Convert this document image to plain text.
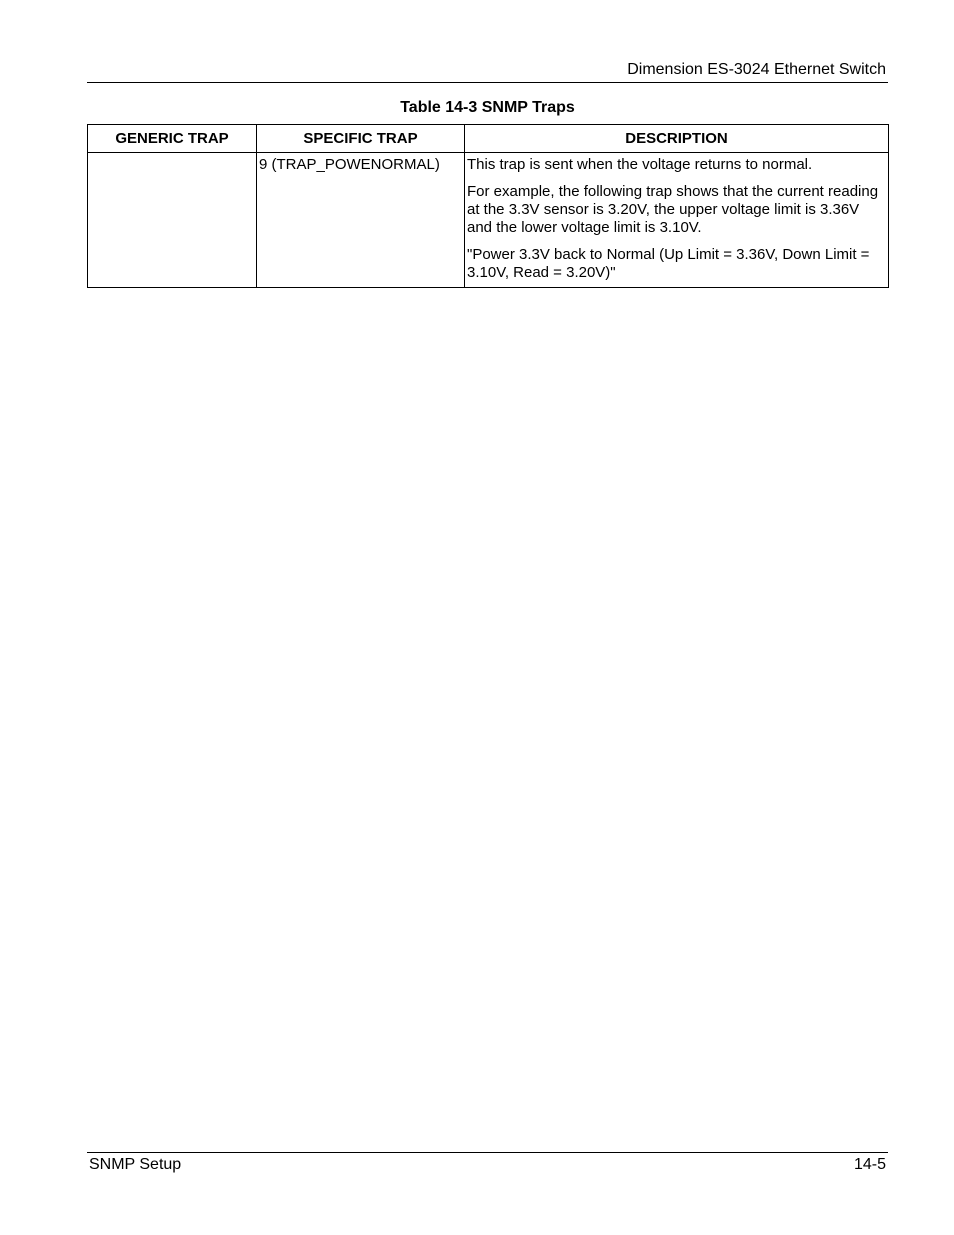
Dimension ES-3024 Ethernet Switch
Table 14-3 SNMP Traps
GENERIC TRAP	SPECIFIC TRAP	DESCRIPTION
	9 (TRAP_POWENORMAL)	This trap is sent when the voltage returns to normal.

For example, the following trap shows that the current reading at the 3.3V sensor is 3.20V, the upper voltage limit is 3.36V and the lower voltage limit is 3.10V.

"Power 3.3V back to Normal (Up Limit = 3.36V, Down Limit = 3.10V, Read = 3.20V)"

SNMP Setup	14-5
